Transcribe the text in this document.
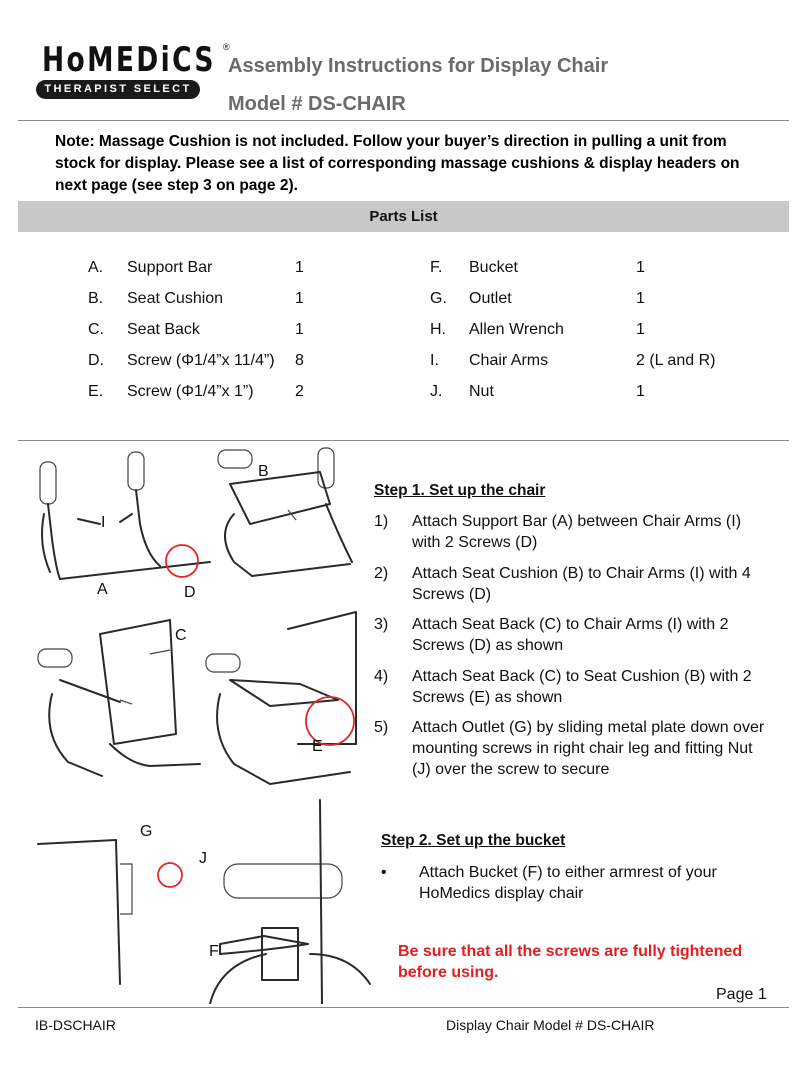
HoMEDiCS ®
THERAPIST SELECT
Assembly Instructions for Display Chair
Model # DS-CHAIR
Note: Massage Cushion is not included. Follow your buyer’s direction in pulling a unit from stock for display. Please see a list of corresponding massage cushions & display headers on next page (see step 3 on page 2).
Parts List
A. Support Bar	1
B. Seat Cushion	1
C. Seat Back	1
D. Screw (Φ1/4”x 11/4”) 8
E. Screw (Φ1/4”x 1”)	2
F. Bucket	1
G. Outlet	1
H. Allen Wrench	1
I. Chair Arms	2 (L and R)
J. Nut	1
B
I
A	D
C
E
G
J
F
Step 1. Set up the chair
1) Attach Support Bar (A) between Chair Arms (I) with 2 Screws (D)
2) Attach Seat Cushion (B) to Chair Arms (I) with 4 Screws (D)
3) Attach Seat Back (C) to Chair Arms (I) with 2 Screws (D) as shown
4) Attach Seat Back (C) to Seat Cushion (B) with 2 Screws (E) as shown
5) Attach Outlet (G) by sliding metal plate down over mounting screws in right chair leg and fitting Nut (J) over the screw to secure
Step 2. Set up the bucket
• Attach Bucket (F) to either armrest of your HoMedics display chair
Be sure that all the screws are fully tightened before using.
Page 1
IB-DSCHAIR	Display Chair Model # DS-CHAIR
